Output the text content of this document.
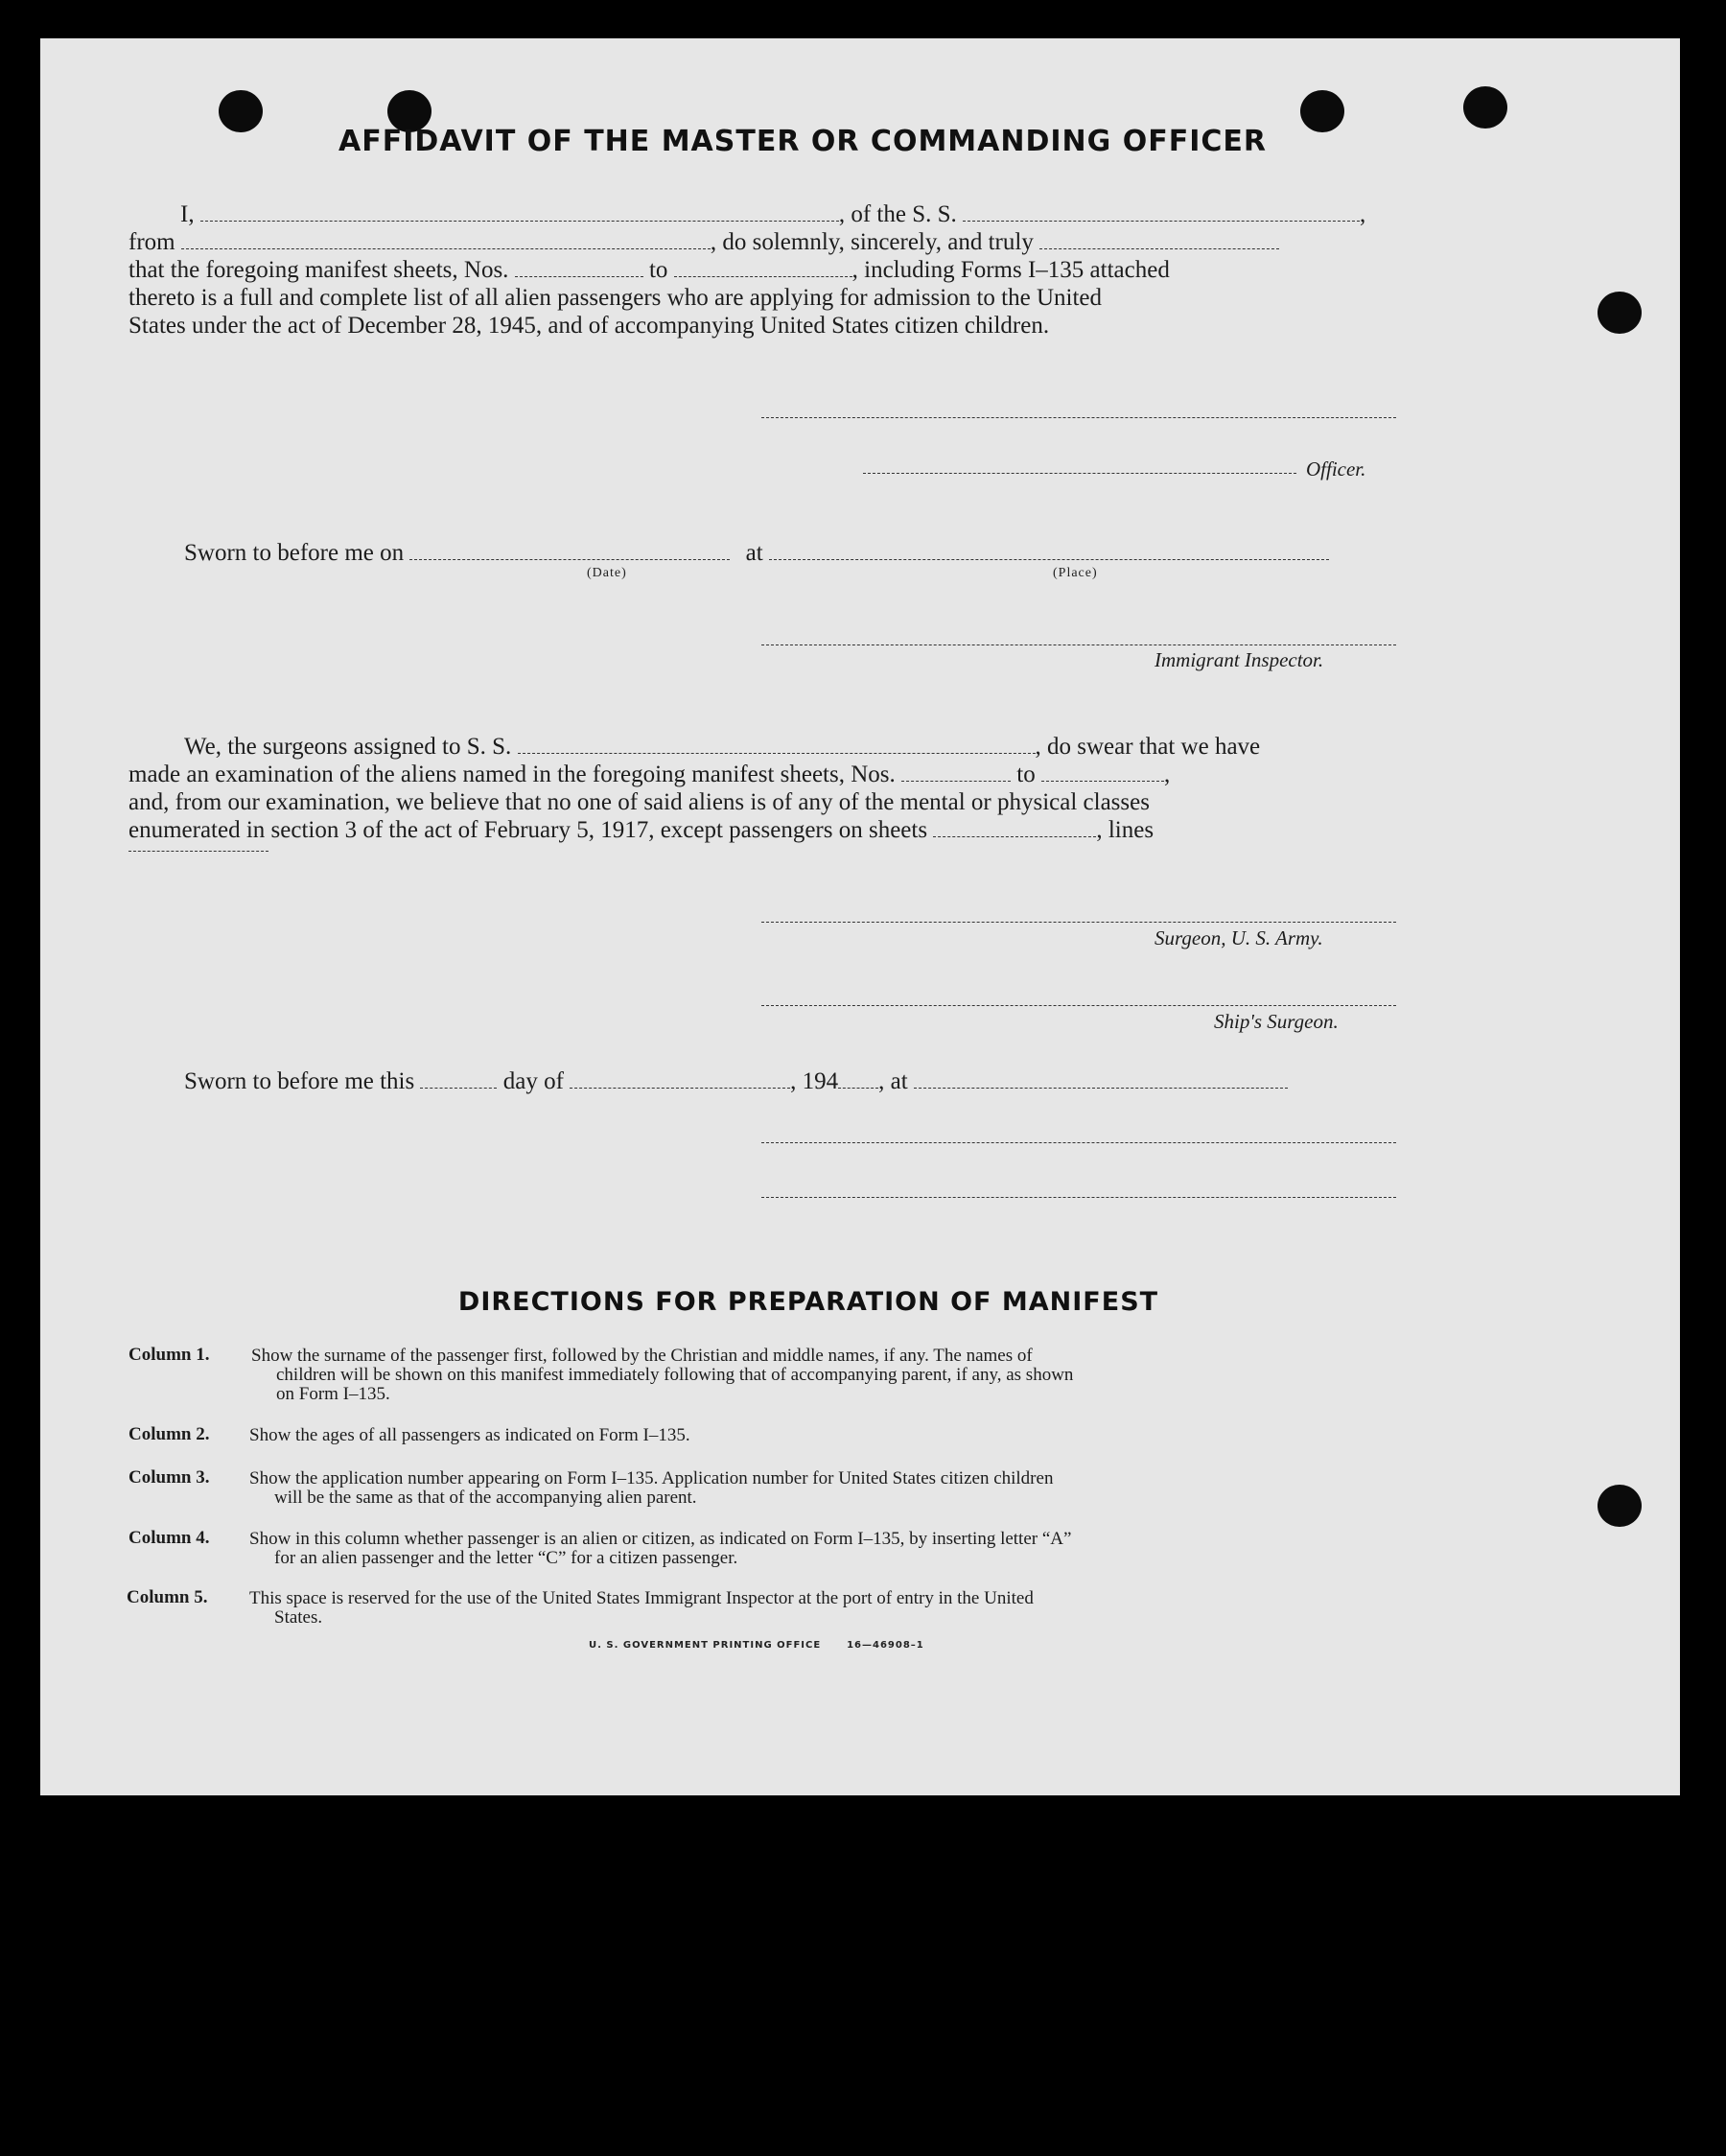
AFFIDAVIT OF THE MASTER OR COMMANDING OFFICER
I,	, of the S. S.	,
from	, do solemnly, sincerely, and truly
that the foregoing manifest sheets, Nos.	to	, including Forms I–135 attached
thereto is a full and complete list of all alien passengers who are applying for admission to the United
States under the act of December 28, 1945, and of accompanying United States citizen children.
Officer.
Sworn to before me on	at
(Date)	(Place)
Immigrant Inspector.
We, the surgeons assigned to S. S.	, do swear that we have
made an examination of the aliens named in the foregoing manifest sheets, Nos.	to	,
and, from our examination, we believe that no one of said aliens is of any of the mental or physical classes
enumerated in section 3 of the act of February 5, 1917, except passengers on sheets	, lines
Surgeon, U. S. Army.
Ship's Surgeon.
Sworn to before me this	day of	, 194 , at
DIRECTIONS FOR PREPARATION OF MANIFEST
Column 1. Show the surname of the passenger first, followed by the Christian and middle names, if any. The names of
children will be shown on this manifest immediately following that of accompanying parent, if any, as shown
on Form I–135.
Column 2. Show the ages of all passengers as indicated on Form I–135.
Column 3. Show the application number appearing on Form I–135. Application number for United States citizen children
will be the same as that of the accompanying alien parent.
Column 4. Show in this column whether passenger is an alien or citizen, as indicated on Form I–135, by inserting letter “A”
for an alien passenger and the letter “C” for a citizen passenger.
Column 5. This space is reserved for the use of the United States Immigrant Inspector at the port of entry in the United
States.
U. S. GOVERNMENT PRINTING OFFICE      16—46908–1
